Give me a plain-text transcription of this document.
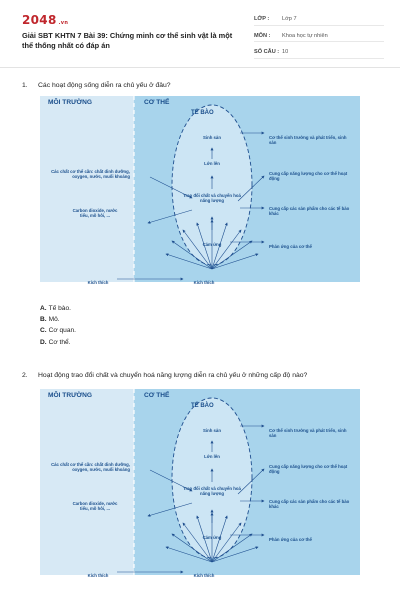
2048 .vn
Giải SBT KHTN 7 Bài 39: Chứng minh cơ thể sinh vật là một thể thống nhất có đáp án
LỚP :	Lớp 7
MÔN :	Khoa học tự nhiên
SỐ CÂU : 10
1. Các hoạt động sống diễn ra chủ yếu ở đâu?
MÔI TRƯỜNG	CƠ THỂ
TẾ BÀO
Sinh sản
Lớn lên
Trao đổi chất và chuyển hoá năng lượng
Cảm ứng
Các chất cơ thể cần: chất dinh dưỡng, oxygen, nước, muối khoáng
Carbon dioxide, nước tiểu, mồ hôi, ...
Kích thích	Kích thích
Cơ thể sinh trưởng và phát triển, sinh sản
Cung cấp năng lượng cho cơ thể hoạt động
Cung cấp các sản phẩm cho các tế bào khác
Phản ứng của cơ thể
A. Tế bào.
B. Mô.
C. Cơ quan.
D. Cơ thể.
2. Hoạt động trao đổi chất và chuyển hoá năng lượng diễn ra chủ yếu ở những cấp độ nào?
MÔI TRƯỜNG	CƠ THỂ
TẾ BÀO
Sinh sản
Lớn lên
Trao đổi chất và chuyển hoá năng lượng
Cảm ứng
Các chất cơ thể cần: chất dinh dưỡng, oxygen, nước, muối khoáng
Carbon dioxide, nước tiểu, mồ hôi, ...
Kích thích	Kích thích
Cơ thể sinh trưởng và phát triển, sinh sản
Cung cấp năng lượng cho cơ thể hoạt động
Cung cấp các sản phẩm cho các tế bào khác
Phản ứng của cơ thể
